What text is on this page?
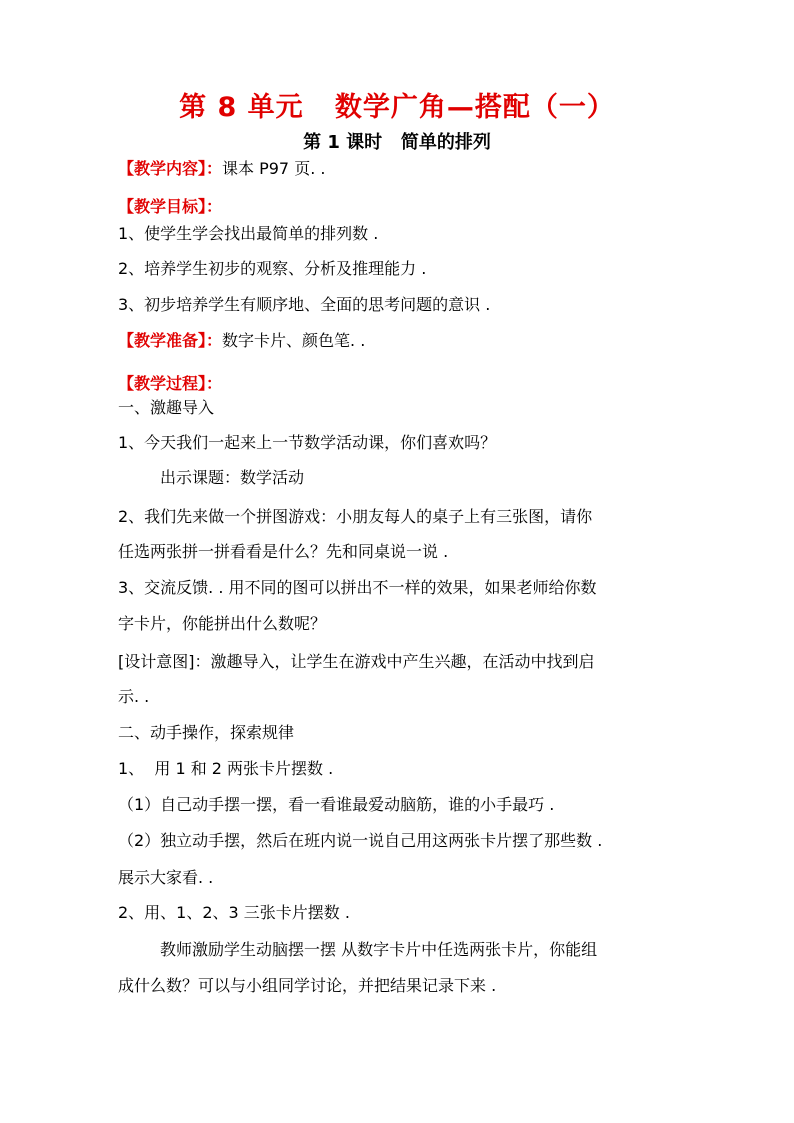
第 8 单元   数学广角—搭配（一）
第 1 课时   简单的排列
【教学内容】：课本 P97 页. .
【教学目标】：
1、使学生学会找出最简单的排列数 .
2、培养学生初步的观察、分析及推理能力 .
3、初步培养学生有顺序地、全面的思考问题的意识 .
【教学准备】：数字卡片、颜色笔. .
【教学过程】：
一、激趣导入
1、今天我们一起来上一节数学活动课，你们喜欢吗？
出示课题：数学活动
2、我们先来做一个拼图游戏：小朋友每人的桌子上有三张图，请你
任选两张拼一拼看看是什么？先和同桌说一说 .
3、交流反馈. . 用不同的图可以拼出不一样的效果，如果老师给你数
字卡片，你能拼出什么数呢？
[设计意图]：激趣导入，让学生在游戏中产生兴趣，在活动中找到启
示. .
二、动手操作，探索规律
1、  用 1 和 2 两张卡片摆数 .
（1）自己动手摆一摆，看一看谁最爱动脑筋，谁的小手最巧 .
（2）独立动手摆，然后在班内说一说自己用这两张卡片摆了那些数 .
展示大家看. .
2、用、1、2、3 三张卡片摆数 .
教师激励学生动脑摆一摆 从数字卡片中任选两张卡片，你能组
成什么数？可以与小组同学讨论，并把结果记录下来 .
